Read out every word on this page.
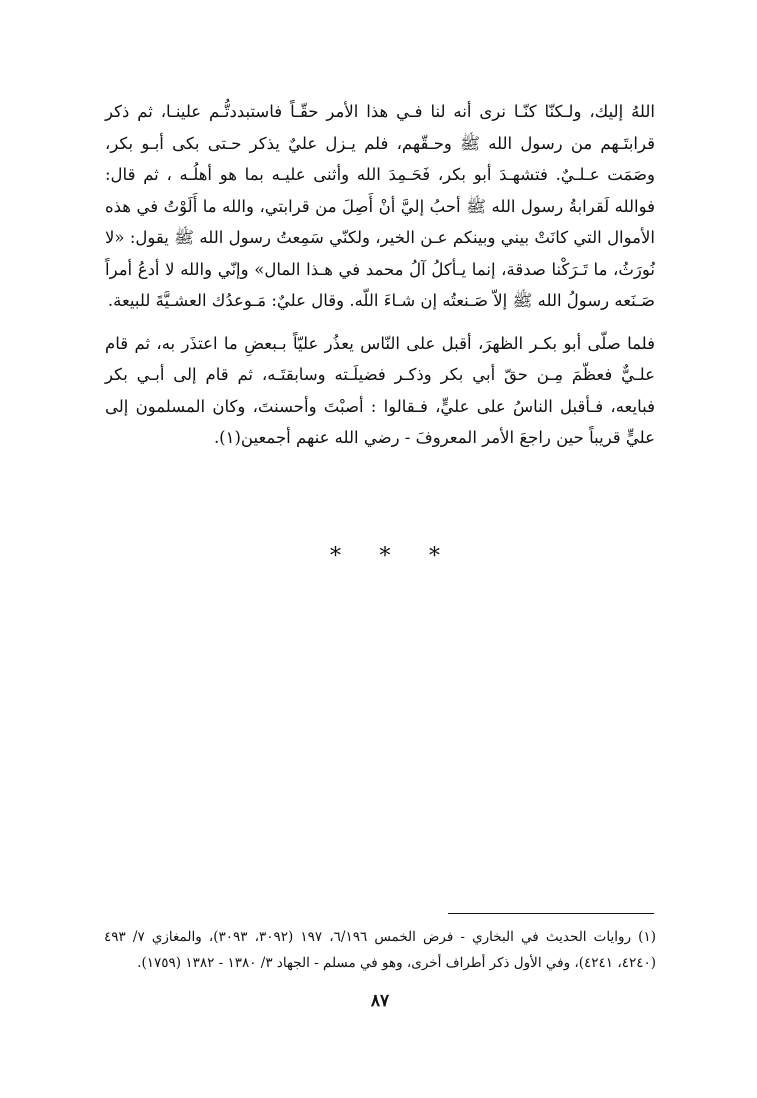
اللهُ إليك، ولـكنّا كنّـا نرى أنه لنا فـي هذا الأمر حقّـاً فاستبددتُّـم علينـا، ثم ذكر قرابتَـهم من رسول الله ﷺ وحـقّهم، فلم يـزل عليٌ يذكر حـتى بكى أبـو بكر، وصَمَت عـلـيٌ. فتشهـدَ أبو بكر، فَحَـمِدَ الله وأثنى عليـه بما هو أهلُـه ، ثم قال: فوالله لَقرابةُ رسول الله ﷺ أحبُ إليَّ أنْ أَصِلَ من قرابتي، والله ما أَلَوْتُ في هذه الأموال التي كانَتْ بيني وبينكم عـن الخير، ولكنّي سَمِعتُ رسول الله ﷺ يقول: «لا نُورَثُ، ما تَـرَكْنا صدقة، إنما يـأكلُ آلُ محمد في هـذا المال» وإنّي والله لا أدعُ أمراً صَـنَعه رسولُ الله ﷺ إلاّ صَـنعتُه إن شـاءَ اللّه. وقال عليٌ: مَـوعدُك العشـيَّةَ للبيعة.

فلما صلّى أبو بكـر الظهرَ، أقبل على النّاس يعذُر عليّاً بـبعضِ ما اعتذَر به، ثم قام علـيٌّ فعظّمَ مِـن حقّ أبي بكر وذكـر فضيلَـته وسابقتَـه، ثم قام إلى أبـي بكر فبايعه، فـأقبل الناسُ على عليٍّ، فـقالوا : أصبْتَ وأحسنتَ، وكان المسلمون إلى عليٍّ قريباً حين راجعَ الأمر المعروفَ - رضي الله عنهم أجمعين(١).

* * *
(١) روايات الحديث في البخاري - فرض الخمس ٦/١٩٦، ١٩٧ (٣٠٩٢، ٣٠٩٣)، والمغازي ٧/ ٤٩٣ (٤٢٤٠، ٤٢٤١)، وفي الأول ذكر أطراف أخرى، وهو في مسلم - الجهاد ٣/ ١٣٨٠ - ١٣٨٢ (١٧٥٩).
٨٧
